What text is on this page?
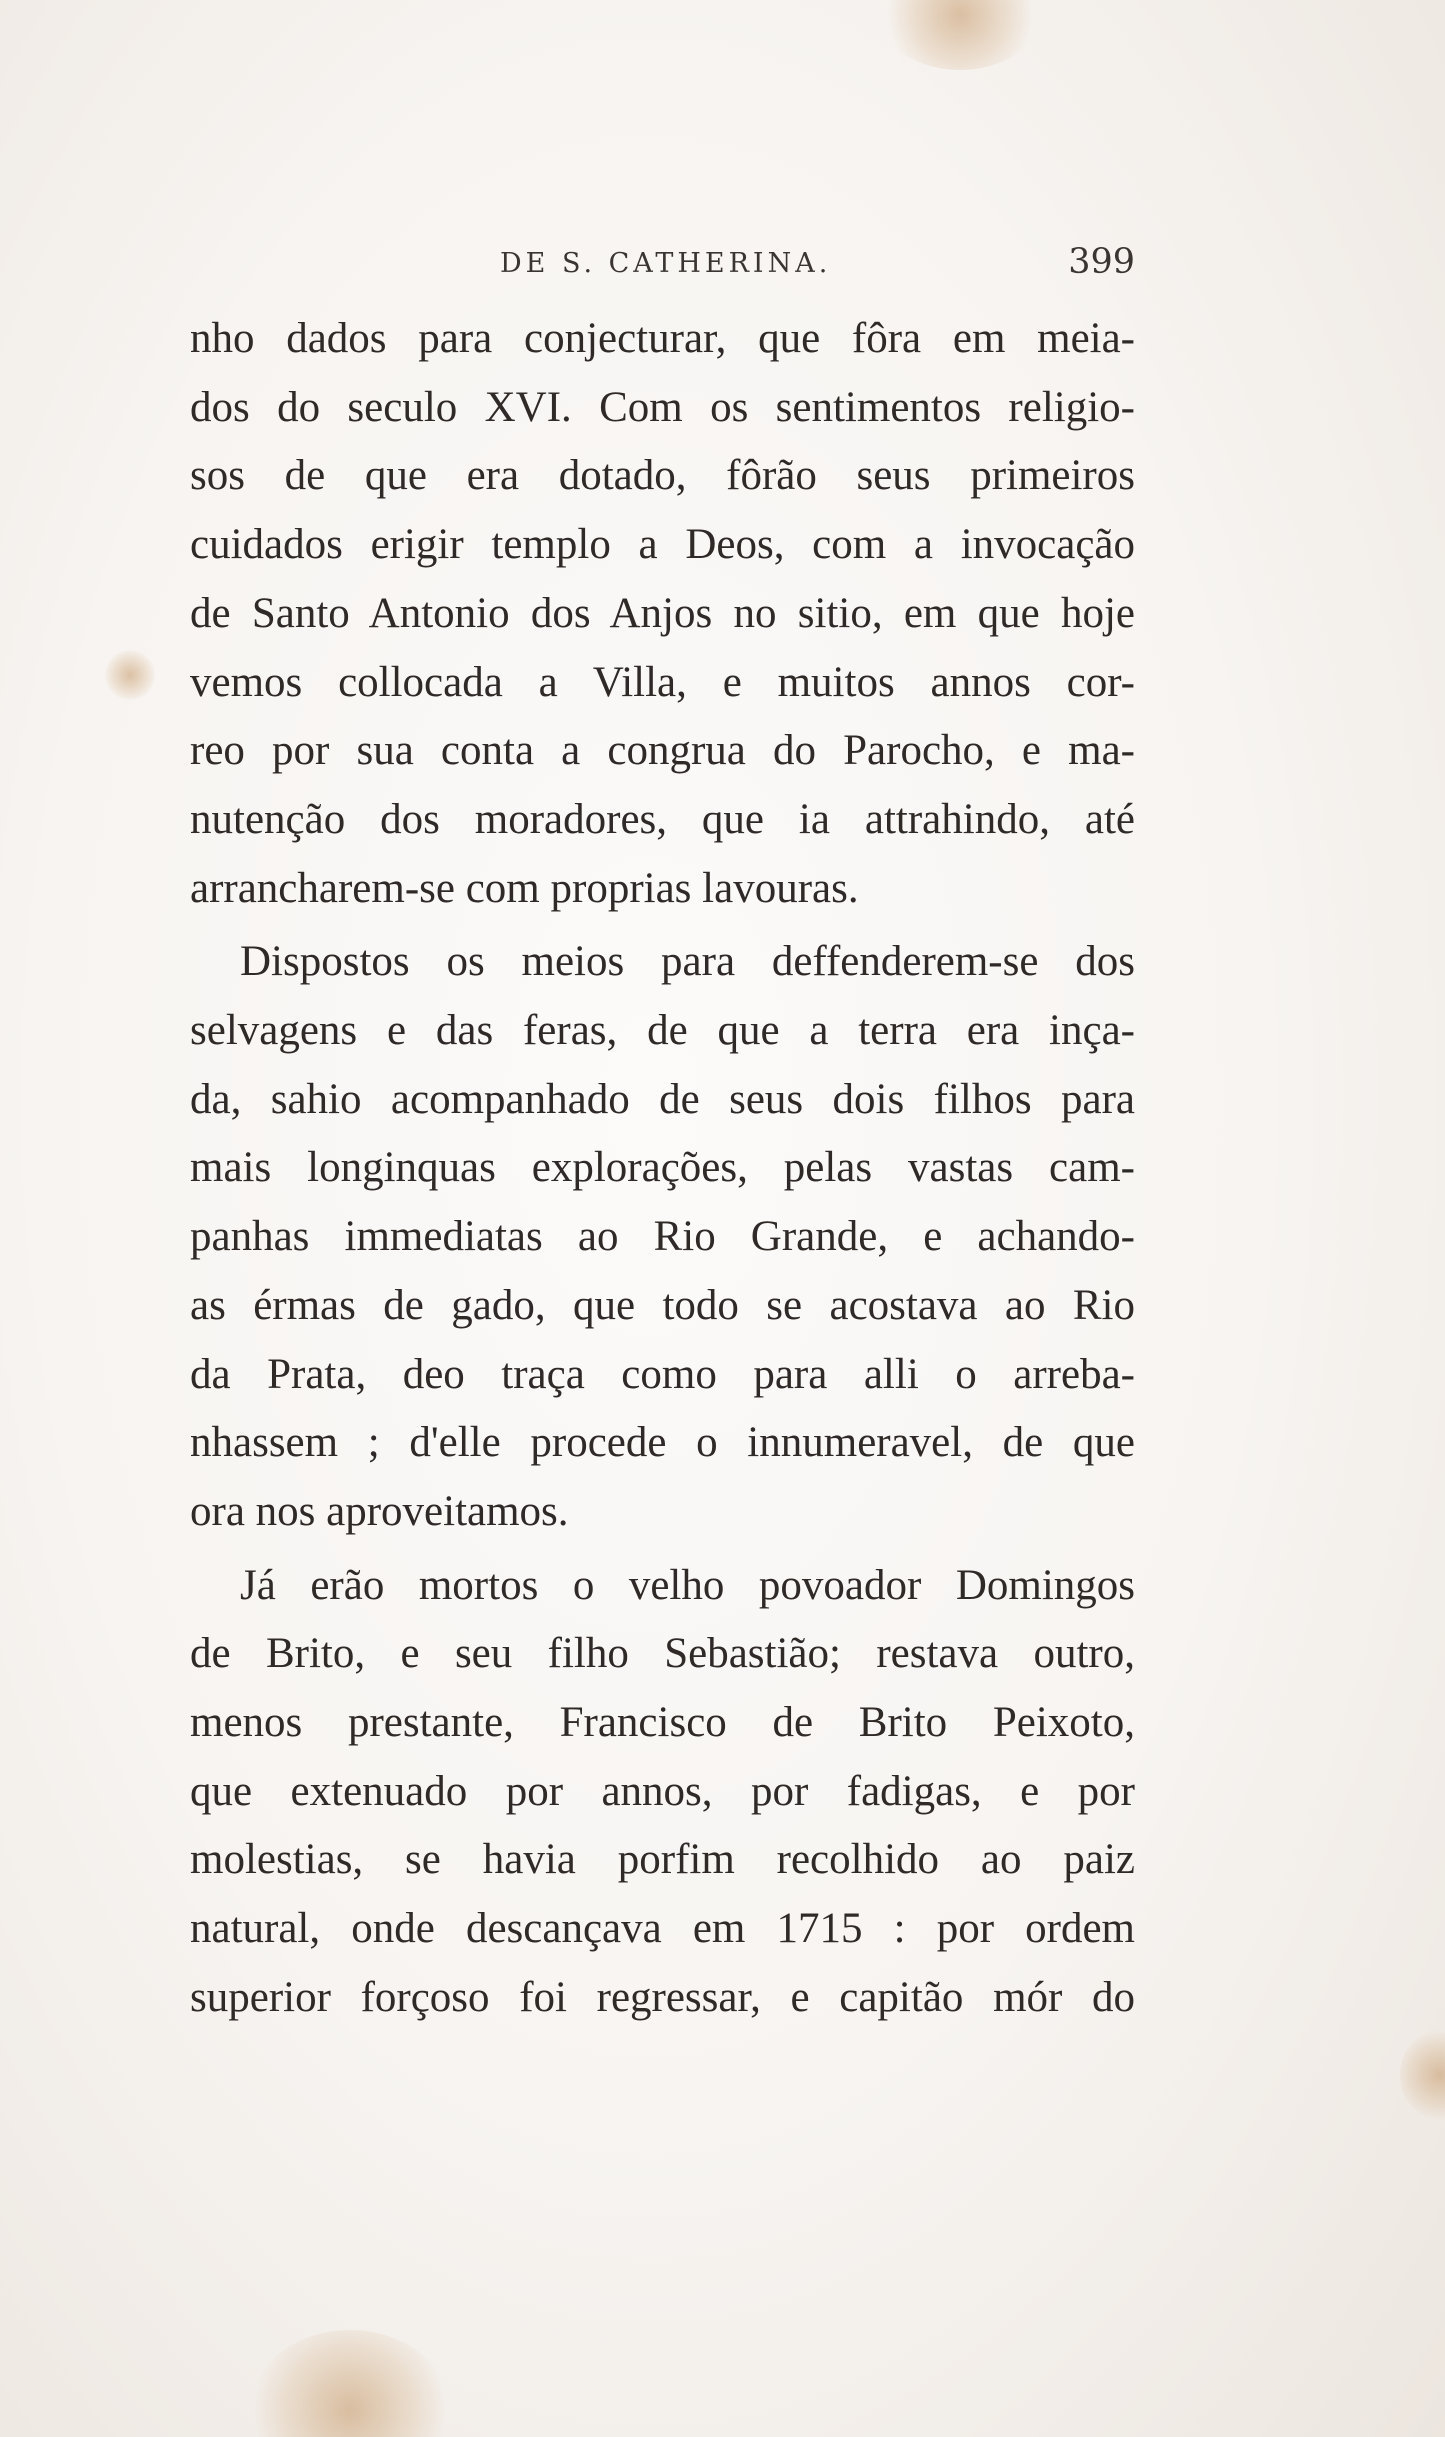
DE S. CATHERINA.	399

nho dados para conjecturar, que fôra em meia-
dos do seculo XVI. Com os sentimentos religio-
sos de que era dotado, fôrão seus primeiros
cuidados erigir templo a Deos, com a invocação
de Santo Antonio dos Anjos no sitio, em que hoje
vemos collocada a Villa, e muitos annos cor-
reo por sua conta a congrua do Parocho, e ma-
nutenção dos moradores, que ia attrahindo, até
arrancharem-se com proprias lavouras.

Dispostos os meios para deffenderem-se dos
selvagens e das feras, de que a terra era inça-
da, sahio acompanhado de seus dois filhos para
mais longinquas explorações, pelas vastas cam-
panhas immediatas ao Rio Grande, e achando-
as érmas de gado, que todo se acostava ao Rio
da Prata, deo traça como para alli o arreba-
nhassem ; d'elle procede o innumeravel, de que
ora nos aproveitamos.

Já erão mortos o velho povoador Domingos
de Brito, e seu filho Sebastião; restava outro,
menos prestante, Francisco de Brito Peixoto,
que extenuado por annos, por fadigas, e por
molestias, se havia porfim recolhido ao paiz
natural, onde descançava em 1715 : por ordem
superior forçoso foi regressar, e capitão mór do
